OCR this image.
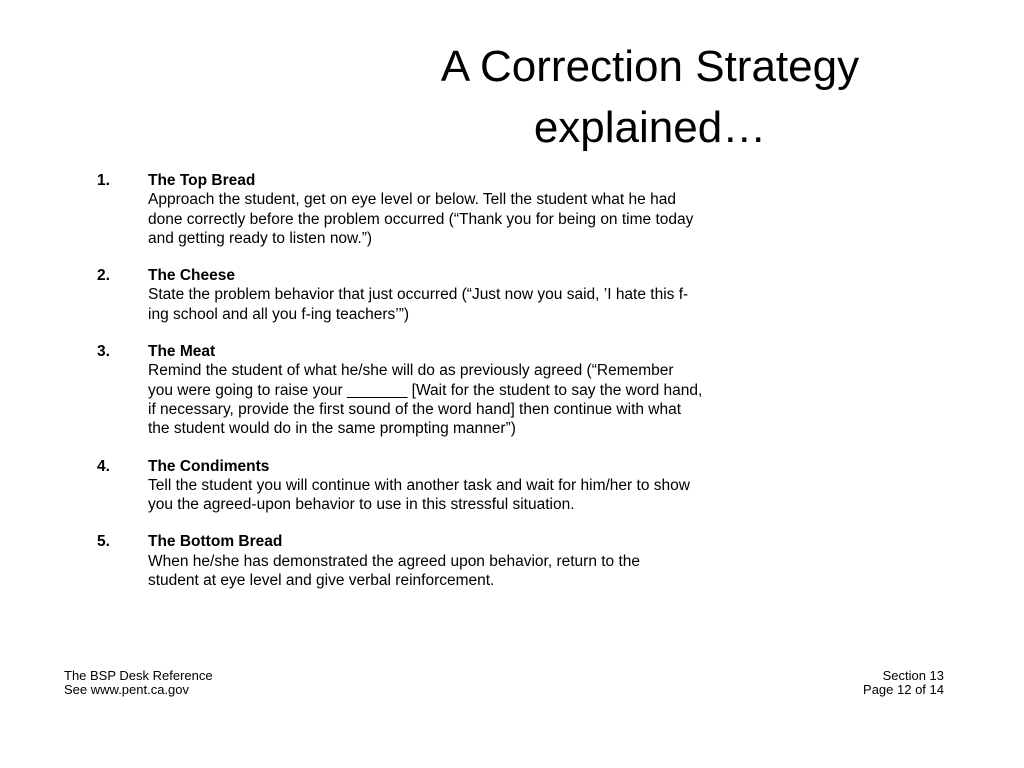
A Correction Strategy
explained…
1. The Top Bread
Approach the student, get on eye level or below. Tell the student what he had
done correctly before the problem occurred (“Thank you for being on time today
and getting ready to listen now.”)
2. The Cheese
State the problem behavior that just occurred (“Just now you said, ’I hate this f-
ing school and all you f-ing teachers’”)
3. The Meat
Remind the student of what he/she will do as previously agreed (“Remember
you were going to raise your _______ [Wait for the student to say the word hand,
if necessary, provide the first sound of the word hand] then continue with what
the student would do in the same prompting manner”)
4. The Condiments
Tell the student you will continue with another task and wait for him/her to show
you the agreed-upon behavior to use in this stressful situation.
5. The Bottom Bread
When he/she has demonstrated the agreed upon behavior, return to the
student at eye level and give verbal reinforcement.
The BSP Desk Reference
See www.pent.ca.gov
Section 13
Page 12 of 14
